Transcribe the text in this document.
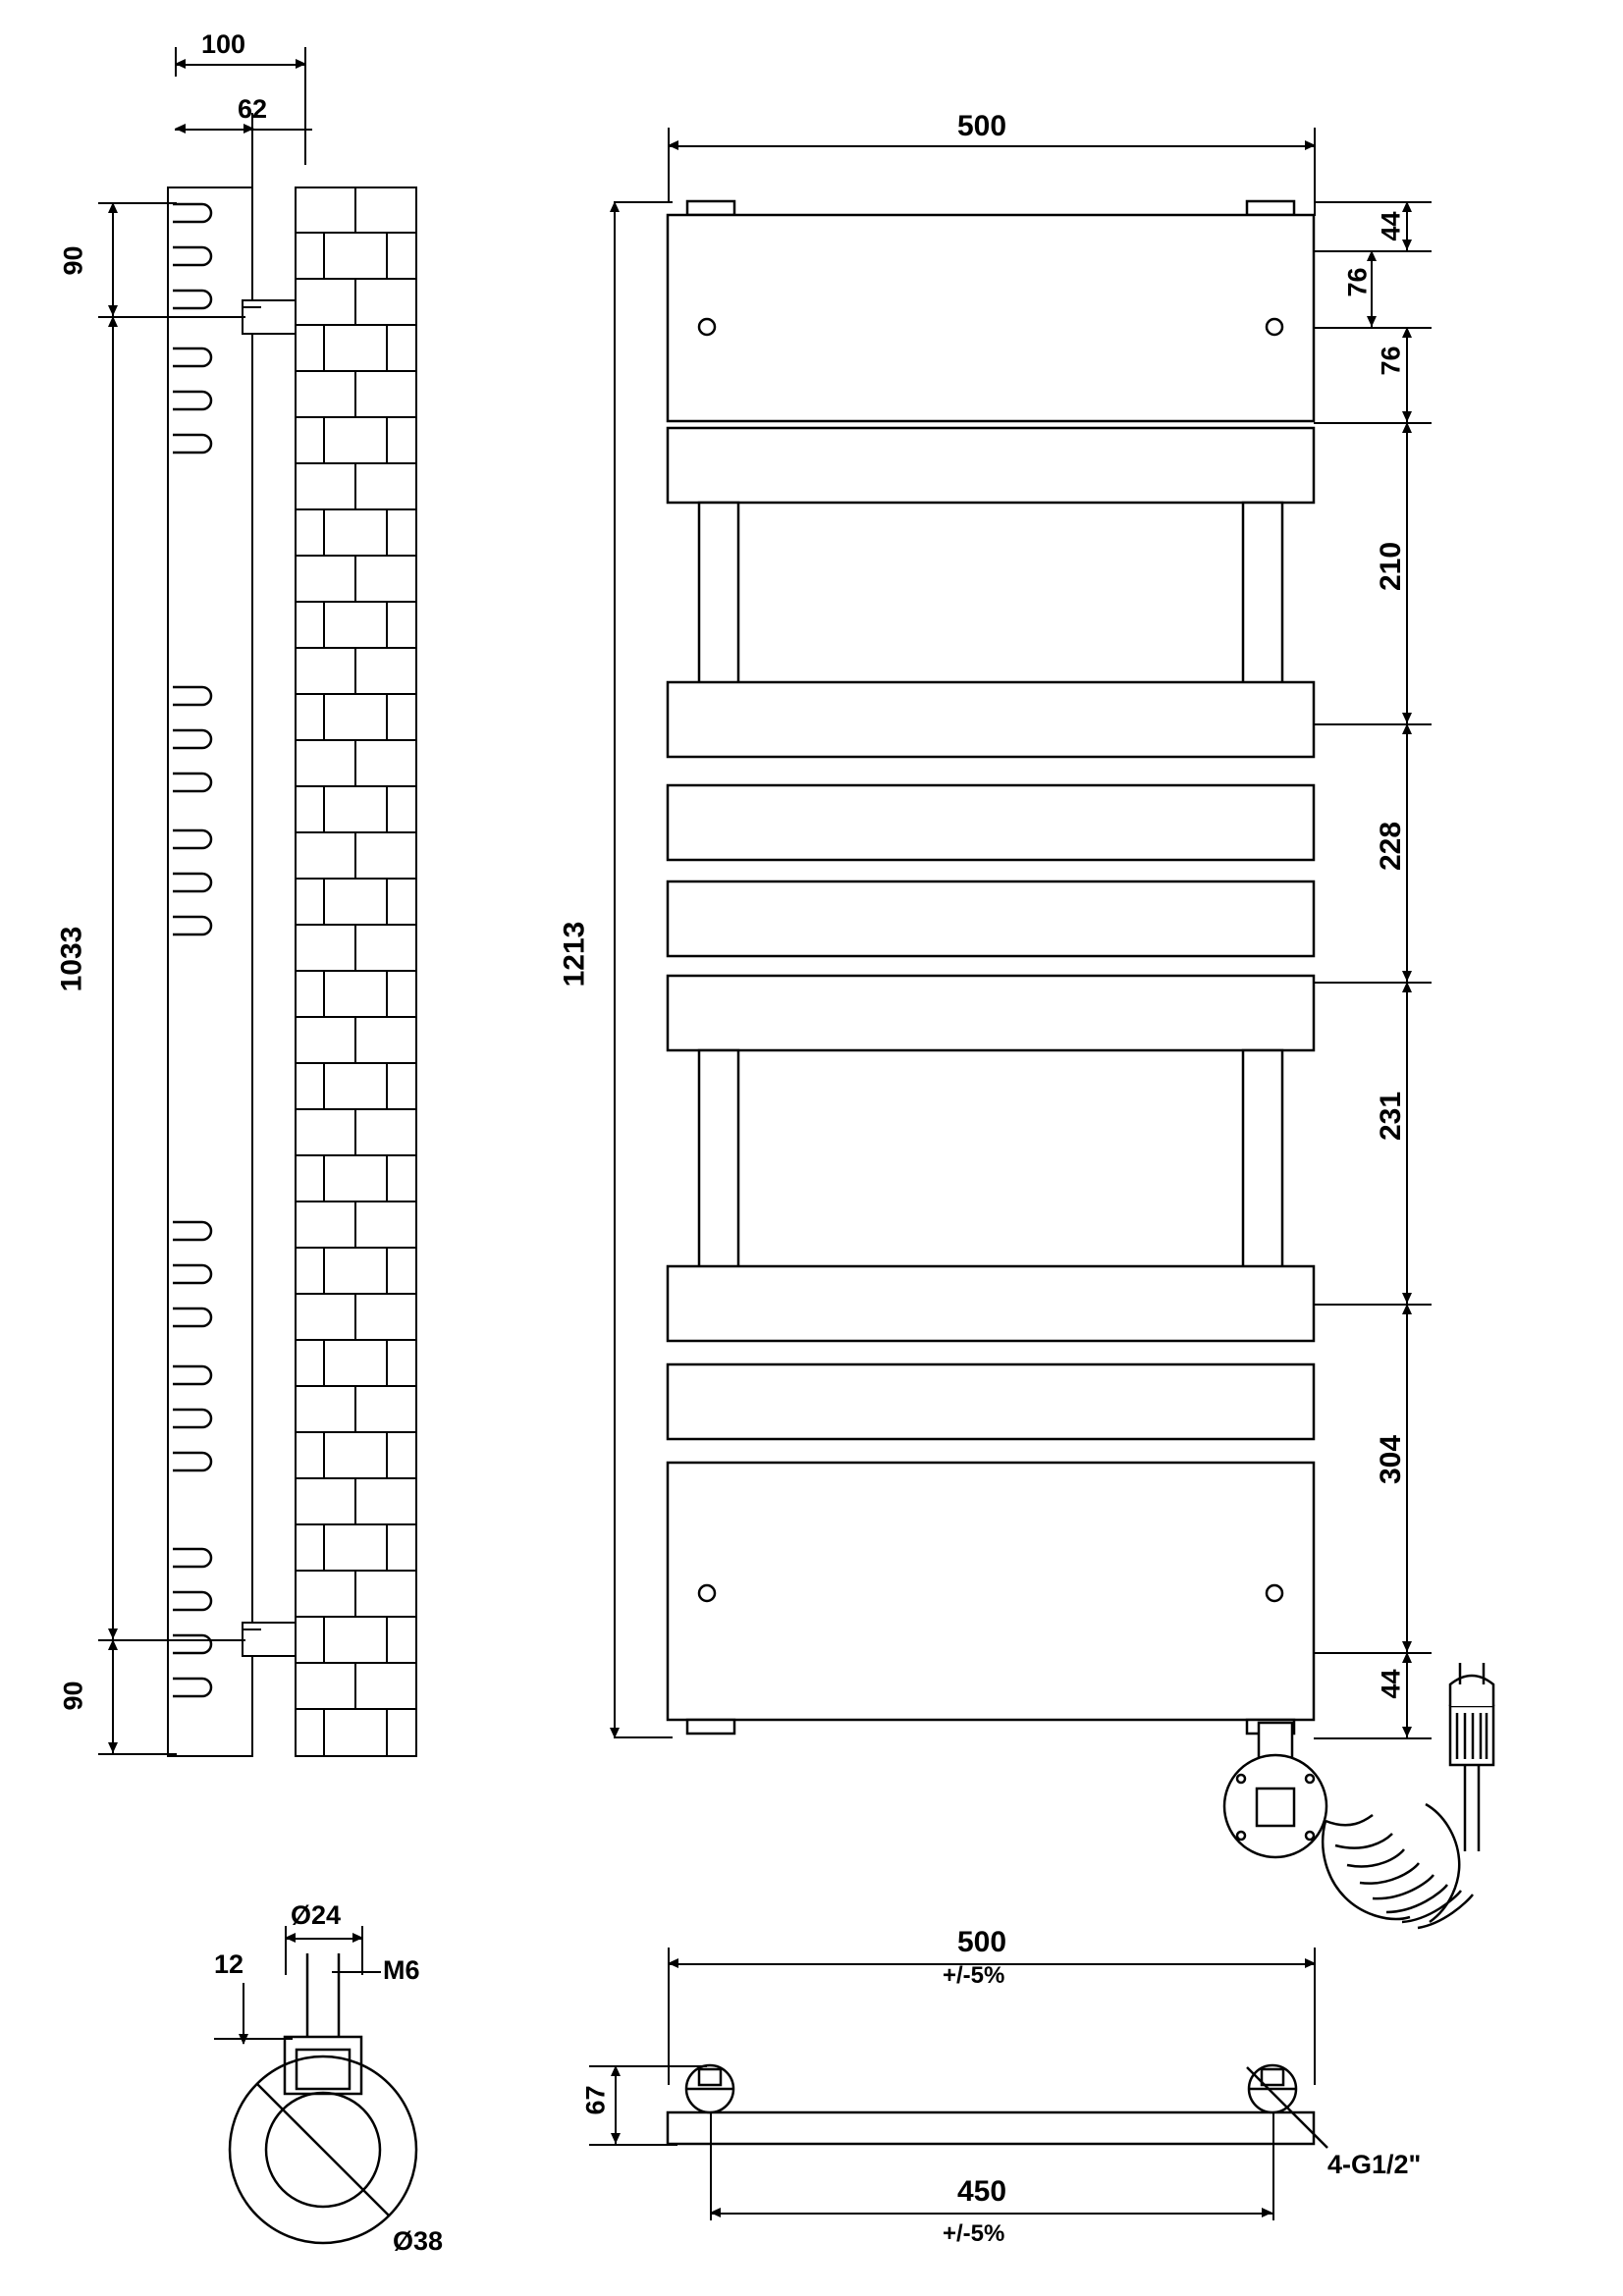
100
62
90
1033
90
500
1213
44
76
76
210
228
231
304
44
Ø24
M6
12
Ø38
500
+/-5%
4-G1/2"
67
450
+/-5%
